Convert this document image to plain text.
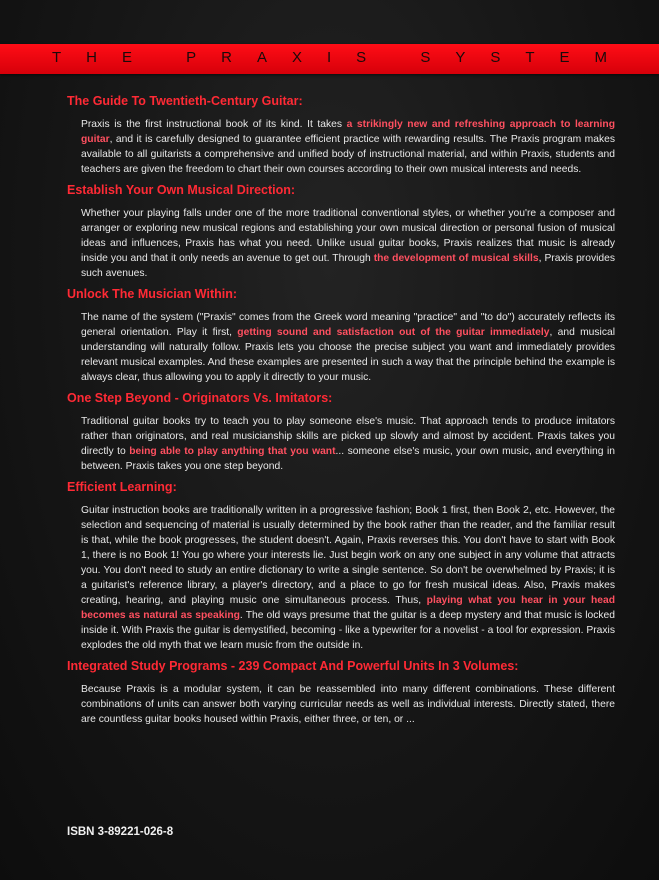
THE PRAXIS SYSTEM
The Guide To Twentieth-Century Guitar:

Praxis is the first instructional book of its kind. It takes a strikingly new and refreshing approach to learning guitar, and it is carefully designed to guarantee efficient practice with rewarding results. The Praxis program makes available to all guitarists a comprehensive and unified body of instructional material, and within Praxis, students and teachers are given the freedom to chart their own courses according to their own musical interests and needs.

Establish Your Own Musical Direction:

Whether your playing falls under one of the more traditional conventional styles, or whether you're a composer and arranger or exploring new musical regions and establishing your own musical direction or personal fusion of musical ideas and influences, Praxis has what you need. Unlike usual guitar books, Praxis realizes that music is already inside you and that it only needs an avenue to get out. Through the development of musical skills, Praxis provides such avenues.

Unlock The Musician Within:

The name of the system ("Praxis" comes from the Greek word meaning "practice" and "to do") accurately reflects its general orientation. Play it first, getting sound and satisfaction out of the guitar immediately, and musical understanding will naturally follow. Praxis lets you choose the precise subject you want and immediately provides relevant musical examples. And these examples are presented in such a way that the principle behind the example is always clear, thus allowing you to apply it directly to your music.

One Step Beyond - Originators Vs. Imitators:

Traditional guitar books try to teach you to play someone else's music. That approach tends to produce imitators rather than originators, and real musicianship skills are picked up slowly and almost by accident. Praxis takes you directly to being able to play anything that you want... someone else's music, your own music, and everything in between. Praxis takes you one step beyond.

Efficient Learning:

Guitar instruction books are traditionally written in a progressive fashion; Book 1 first, then Book 2, etc. However, the selection and sequencing of material is usually determined by the book rather than the reader, and the familiar result is that, while the book progresses, the student doesn't. Again, Praxis reverses this. You don't have to start with Book 1, there is no Book 1! You go where your interests lie. Just begin work on any one subject in any volume that attracts you. You don't need to study an entire dictionary to write a single sentence. So don't be overwhelmed by Praxis; it is a guitarist's reference library, a player's directory, and a place to go for fresh musical ideas. Also, Praxis makes creating, hearing, and playing music one simultaneous process. Thus, playing what you hear in your head becomes as natural as speaking. The old ways presume that the guitar is a deep mystery and that music is locked inside it. With Praxis the guitar is demystified, becoming - like a typewriter for a novelist - a tool for expression. Praxis explodes the old myth that we learn music from the outside in.

Integrated Study Programs - 239 Compact And Powerful Units In 3 Volumes:

Because Praxis is a modular system, it can be reassembled into many different combinations. These different combinations of units can answer both varying curricular needs as well as individual interests. Directly stated, there are countless guitar books housed within Praxis, either three, or ten, or ...

ISBN 3-89221-026-8
